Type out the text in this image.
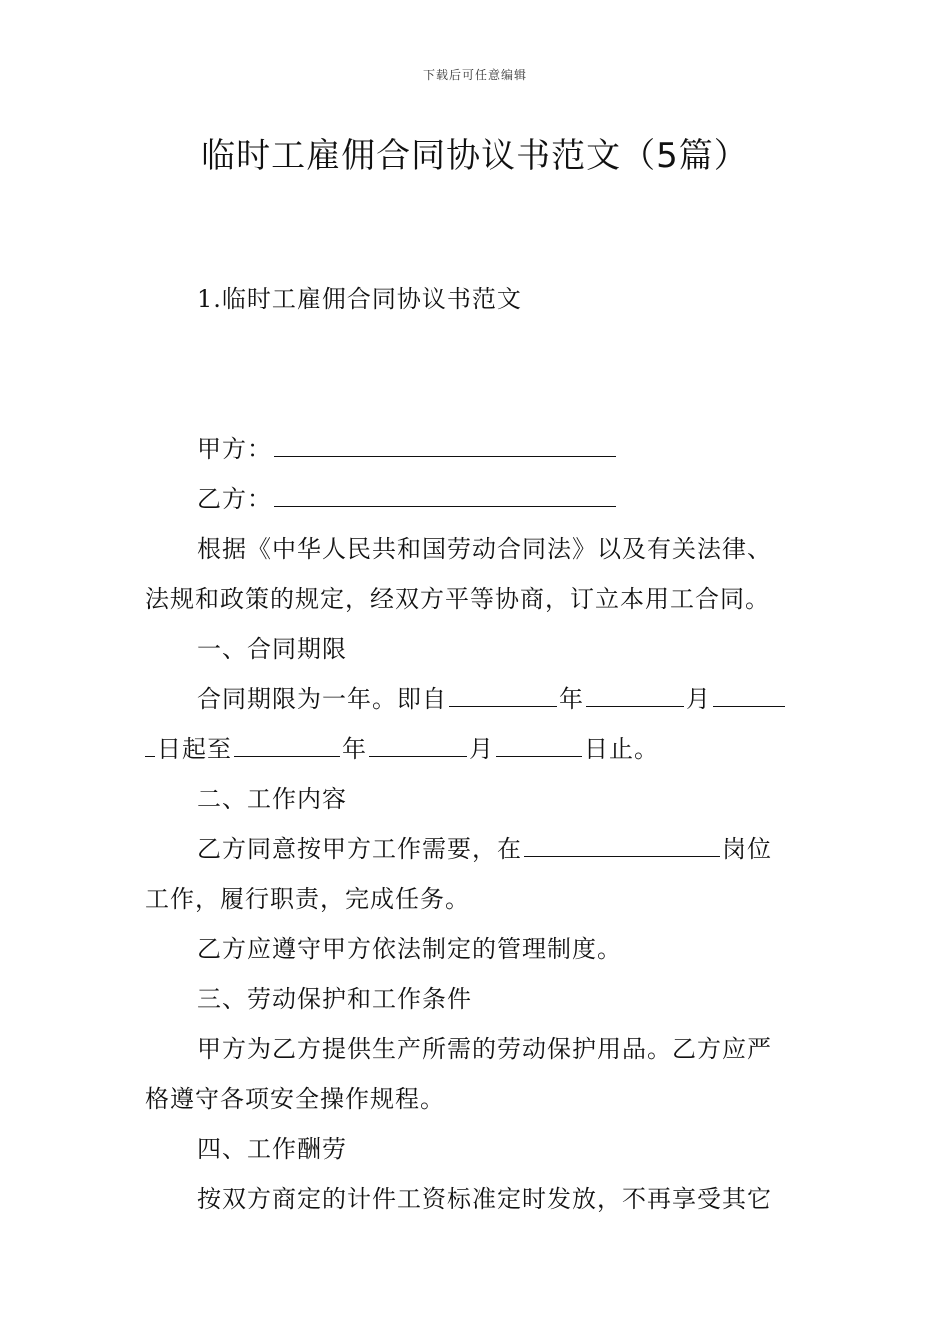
下载后可任意编辑
临时工雇佣合同协议书范文（5篇）
1.临时工雇佣合同协议书范文
甲方：
乙方：
根据《中华人民共和国劳动合同法》以及有关法律、
法规和政策的规定，经双方平等协商，订立本用工合同。
一、合同期限
合同期限为一年。即自	年	月
日起至	年	月	日止。
二、工作内容
乙方同意按甲方工作需要，在	岗位
工作，履行职责，完成任务。
乙方应遵守甲方依法制定的管理制度。
三、劳动保护和工作条件
甲方为乙方提供生产所需的劳动保护用品。乙方应严
格遵守各项安全操作规程。
四、工作酬劳
按双方商定的计件工资标准定时发放，不再享受其它
